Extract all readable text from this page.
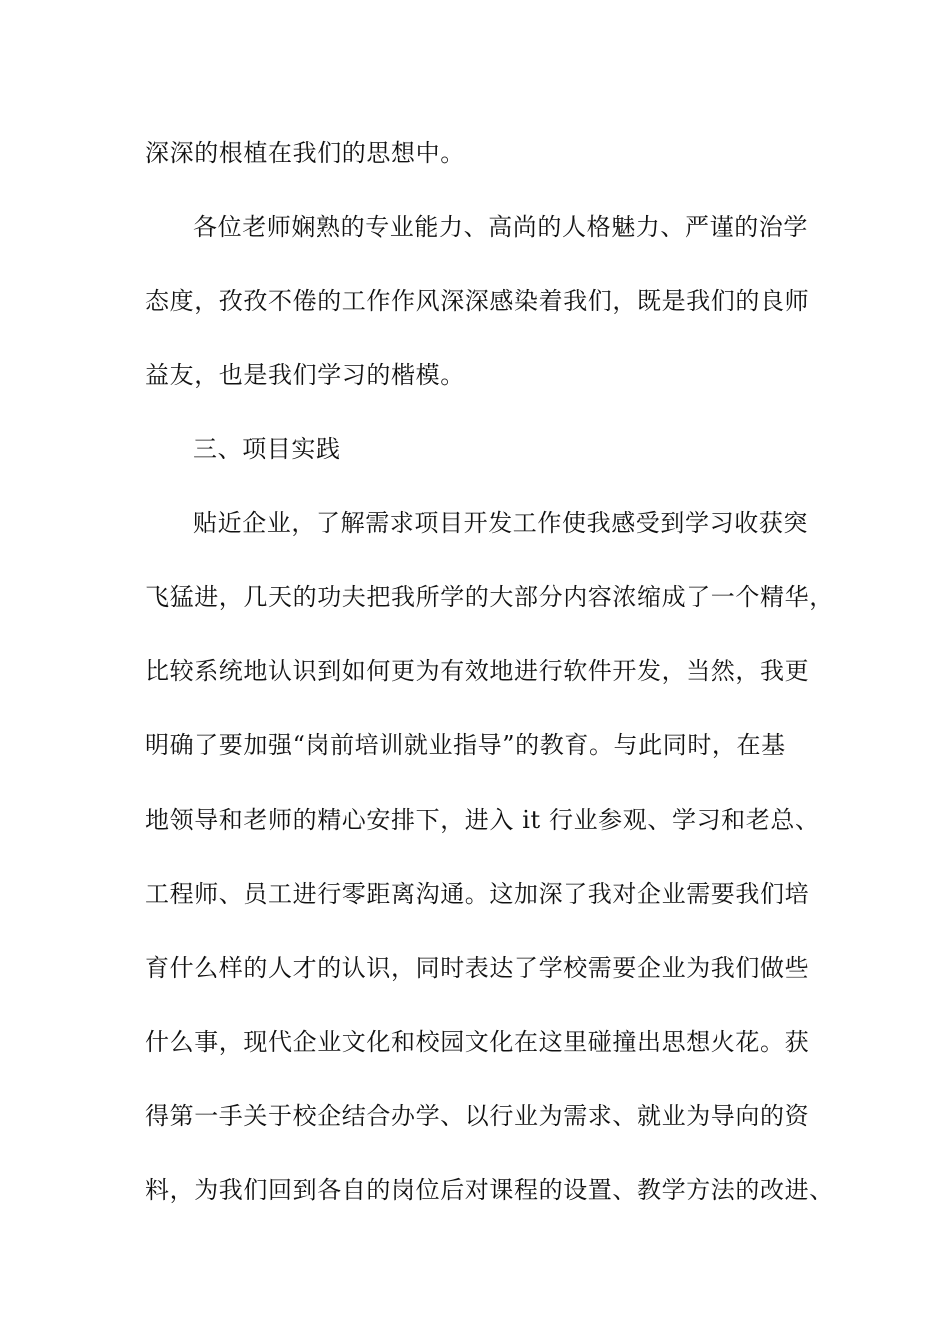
深深的根植在我们的思想中。

各位老师娴熟的专业能力、高尚的人格魅力、严谨的治学

态度，孜孜不倦的工作作风深深感染着我们，既是我们的良师

益友，也是我们学习的楷模。

三、项目实践

贴近企业，了解需求项目开发工作使我感受到学习收获突

飞猛进，几天的功夫把我所学的大部分内容浓缩成了一个精华，

比较系统地认识到如何更为有效地进行软件开发，当然，我更

明确了要加强“岗前培训就业指导”的教育。与此同时，在基

地领导和老师的精心安排下，进入 it 行业参观、学习和老总、

工程师、员工进行零距离沟通。这加深了我对企业需要我们培

育什么样的人才的认识，同时表达了学校需要企业为我们做些

什么事，现代企业文化和校园文化在这里碰撞出思想火花。获

得第一手关于校企结合办学、以行业为需求、就业为导向的资

料，为我们回到各自的岗位后对课程的设置、教学方法的改进、
